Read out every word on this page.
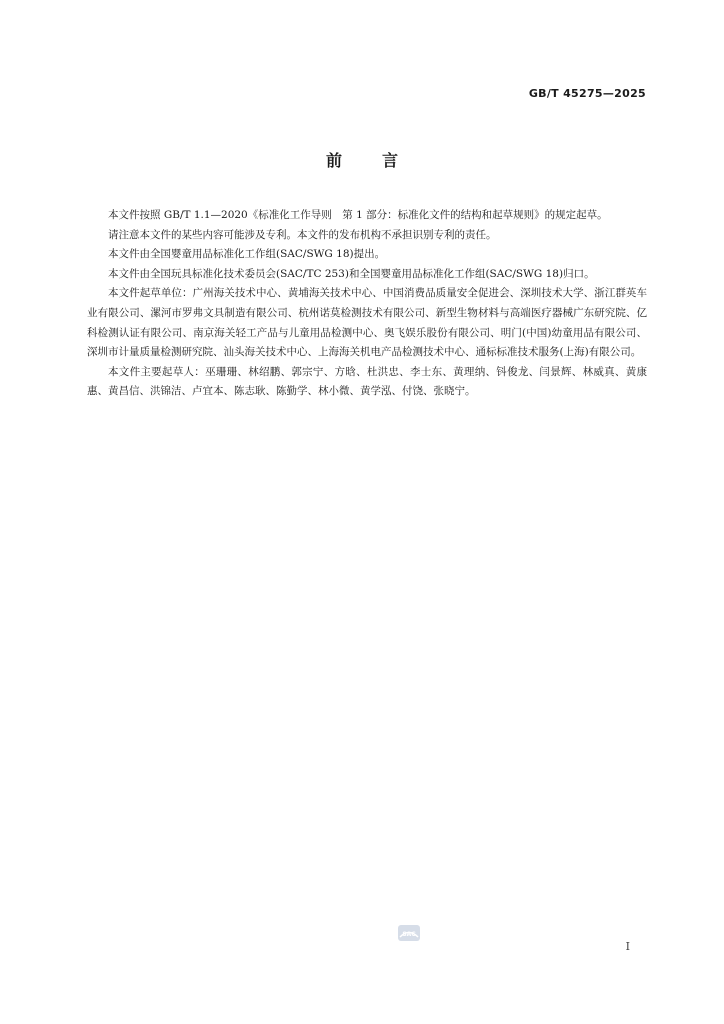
GB/T 45275—2025
前言

本文件按照 GB/T 1.1—2020《标准化工作导则　第 1 部分：标准化文件的结构和起草规则》的规定起草。

请注意本文件的某些内容可能涉及专利。本文件的发布机构不承担识别专利的责任。

本文件由全国婴童用品标准化工作组(SAC/SWG 18)提出。

本文件由全国玩具标准化技术委员会(SAC/TC 253)和全国婴童用品标准化工作组(SAC/SWG 18)归口。

本文件起草单位：广州海关技术中心、黄埔海关技术中心、中国消费品质量安全促进会、深圳技术大学、浙江群英车业有限公司、漯河市罗弗文具制造有限公司、杭州诺莫检测技术有限公司、新型生物材料与高端医疗器械广东研究院、亿科检测认证有限公司、南京海关轻工产品与儿童用品检测中心、奥飞娱乐股份有限公司、明门(中国)幼童用品有限公司、深圳市计量质量检测研究院、汕头海关技术中心、上海海关机电产品检测技术中心、通标标准技术服务(上海)有限公司。

本文件主要起草人：巫珊珊、林绍鹏、郭宗宁、方晗、杜洪忠、李士东、黄理纳、钭俊龙、闫景辉、林威真、黄康惠、黄昌信、洪锦洁、卢宜本、陈志耿、陈勤学、林小微、黄学泓、付饶、张晓宁。

SAC
I
